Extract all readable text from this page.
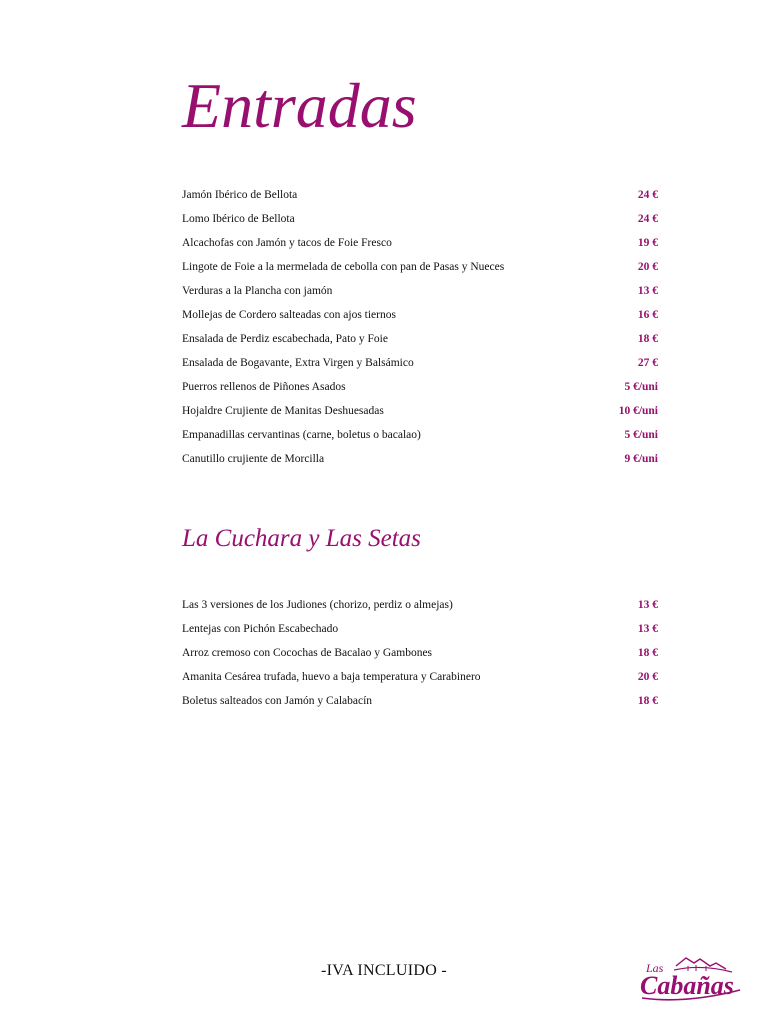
Entradas
Jamón Ibérico de Bellota	24 €
Lomo Ibérico de Bellota	24 €
Alcachofas con Jamón y tacos de Foie Fresco	19 €
Lingote de Foie a la mermelada de cebolla con pan de Pasas y Nueces	20 €
Verduras a la Plancha con jamón	13 €
Mollejas de Cordero salteadas con ajos tiernos	16 €
Ensalada de Perdiz escabechada, Pato y Foie	18 €
Ensalada de Bogavante, Extra Virgen y Balsámico	27 €
Puerros rellenos de Piñones Asados	5 €/uni
Hojaldre Crujiente de Manitas Deshuesadas	10 €/uni
Empanadillas cervantinas (carne, boletus o bacalao)	5 €/uni
Canutillo crujiente de Morcilla	9 €/uni
La Cuchara y Las Setas
Las 3 versiones de los Judiones (chorizo, perdiz o almejas)	13 €
Lentejas con Pichón Escabechado	13 €
Arroz cremoso con Cocochas de Bacalao y Gambones	18 €
Amanita Cesárea trufada, huevo a baja temperatura y Carabinero	20 €
Boletus salteados con Jamón y Calabacín	18 €
-IVA INCLUIDO -	Las
Cabañas
